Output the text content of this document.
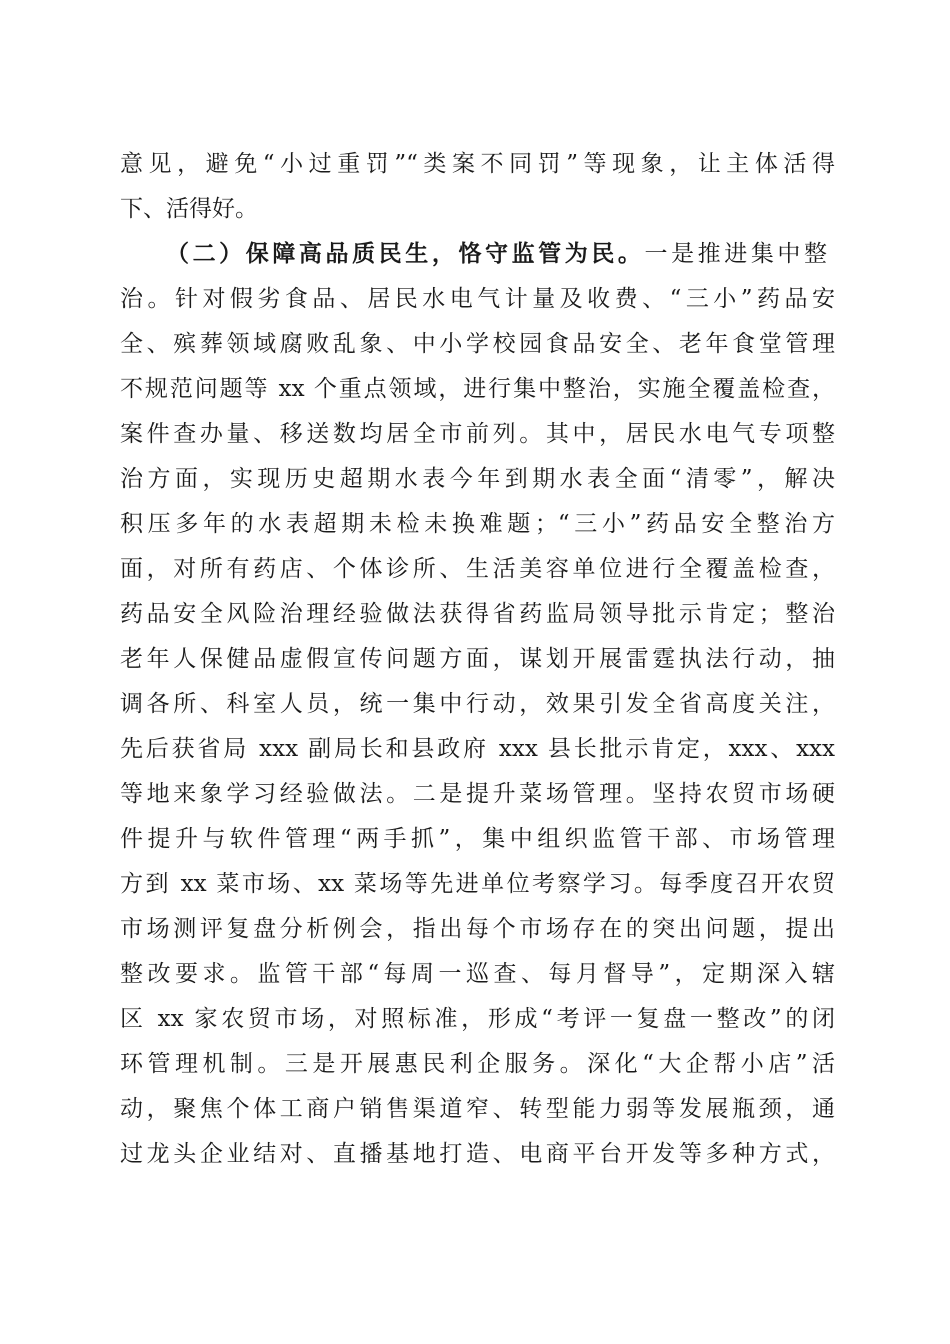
意见，避免“小过重罚”“类案不同罚”等现象，让主体活得
下、活得好。
（二）保障高品质民生，恪守监管为民。一是推进集中整
治。针对假劣食品、居民水电气计量及收费、“三小”药品安
全、殡葬领域腐败乱象、中小学校园食品安全、老年食堂管理
不规范问题等 xx 个重点领域，进行集中整治，实施全覆盖检查，
案件查办量、移送数均居全市前列。其中，居民水电气专项整
治方面，实现历史超期水表今年到期水表全面“清零”，解决
积压多年的水表超期未检未换难题；“三小”药品安全整治方
面，对所有药店、个体诊所、生活美容单位进行全覆盖检查，
药品安全风险治理经验做法获得省药监局领导批示肯定；整治
老年人保健品虚假宣传问题方面，谋划开展雷霆执法行动，抽
调各所、科室人员，统一集中行动，效果引发全省高度关注，
先后获省局 xxx 副局长和县政府 xxx 县长批示肯定，xxx、xxx
等地来象学习经验做法。二是提升菜场管理。坚持农贸市场硬
件提升与软件管理“两手抓”，集中组织监管干部、市场管理
方到 xx 菜市场、xx 菜场等先进单位考察学习。每季度召开农贸
市场测评复盘分析例会，指出每个市场存在的突出问题，提出
整改要求。监管干部“每周一巡查、每月督导”，定期深入辖
区 xx 家农贸市场，对照标准，形成“考评一复盘一整改”的闭
环管理机制。三是开展惠民利企服务。深化“大企帮小店”活
动，聚焦个体工商户销售渠道窄、转型能力弱等发展瓶颈，通
过龙头企业结对、直播基地打造、电商平台开发等多种方式，
